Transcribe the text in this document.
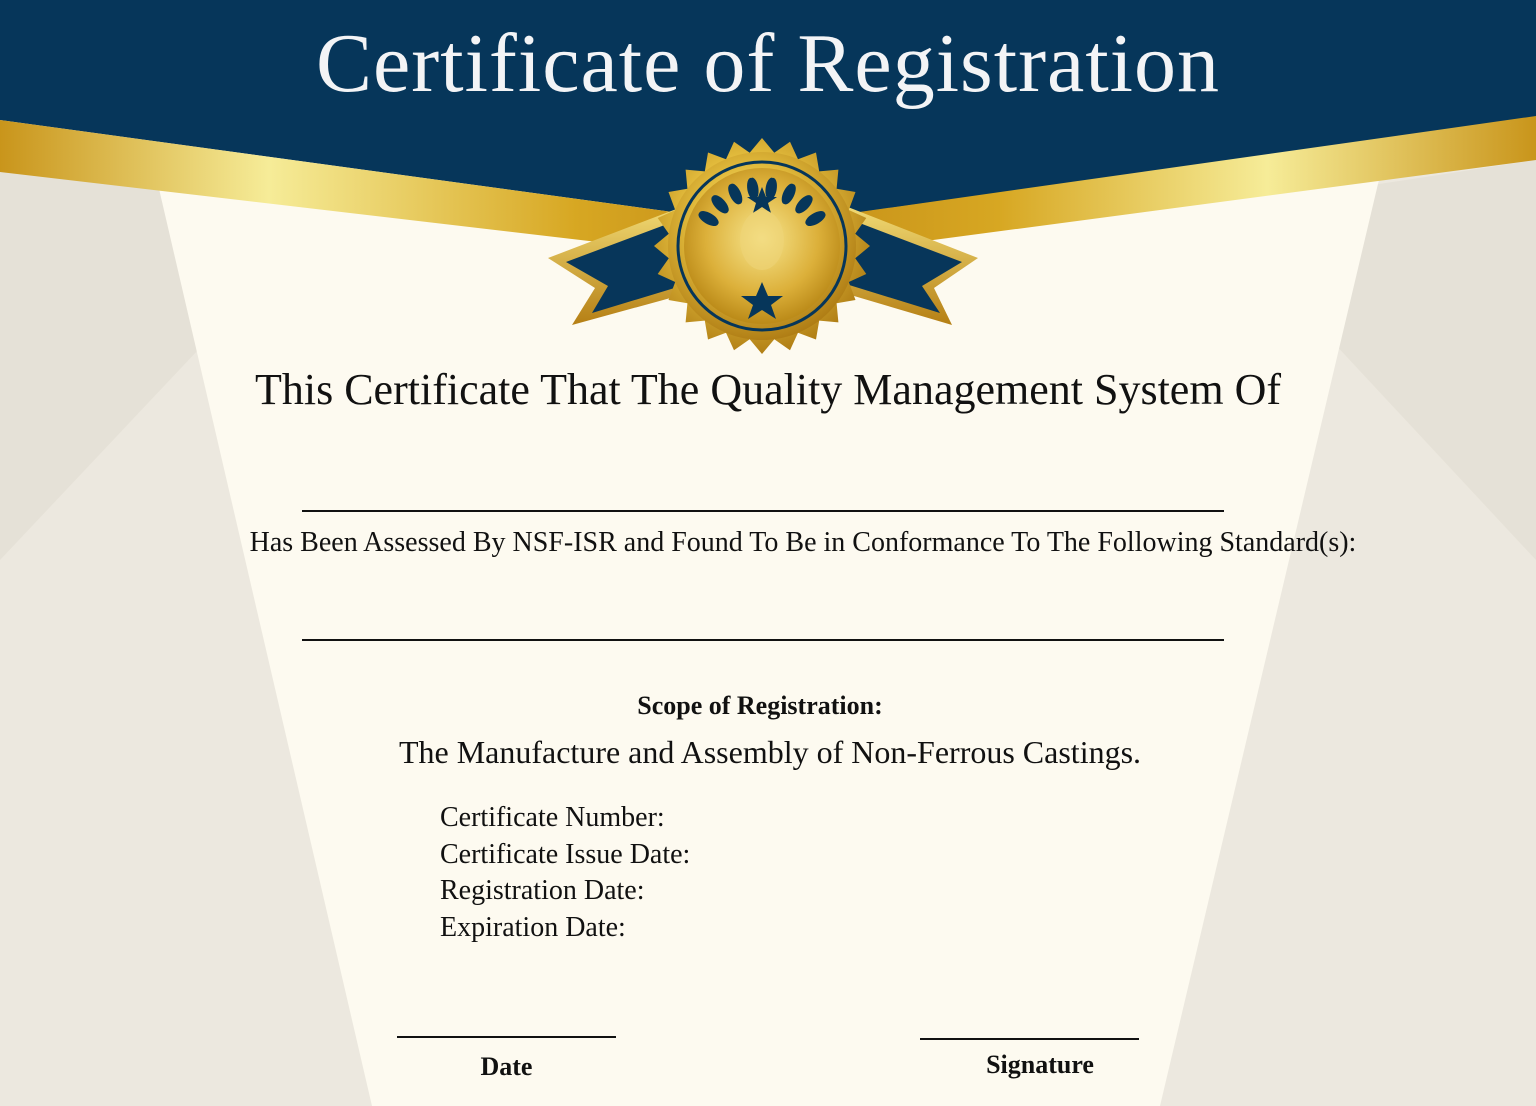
Certificate of Registration
This Certificate That The Quality Management System Of
Has Been Assessed By NSF-ISR and Found To Be in Conformance To The Following Standard(s):
Scope of Registration:
The Manufacture and Assembly of Non-Ferrous Castings.
Certificate Number:
Certificate Issue Date:
Registration Date:
Expiration Date:
Date	Signature
